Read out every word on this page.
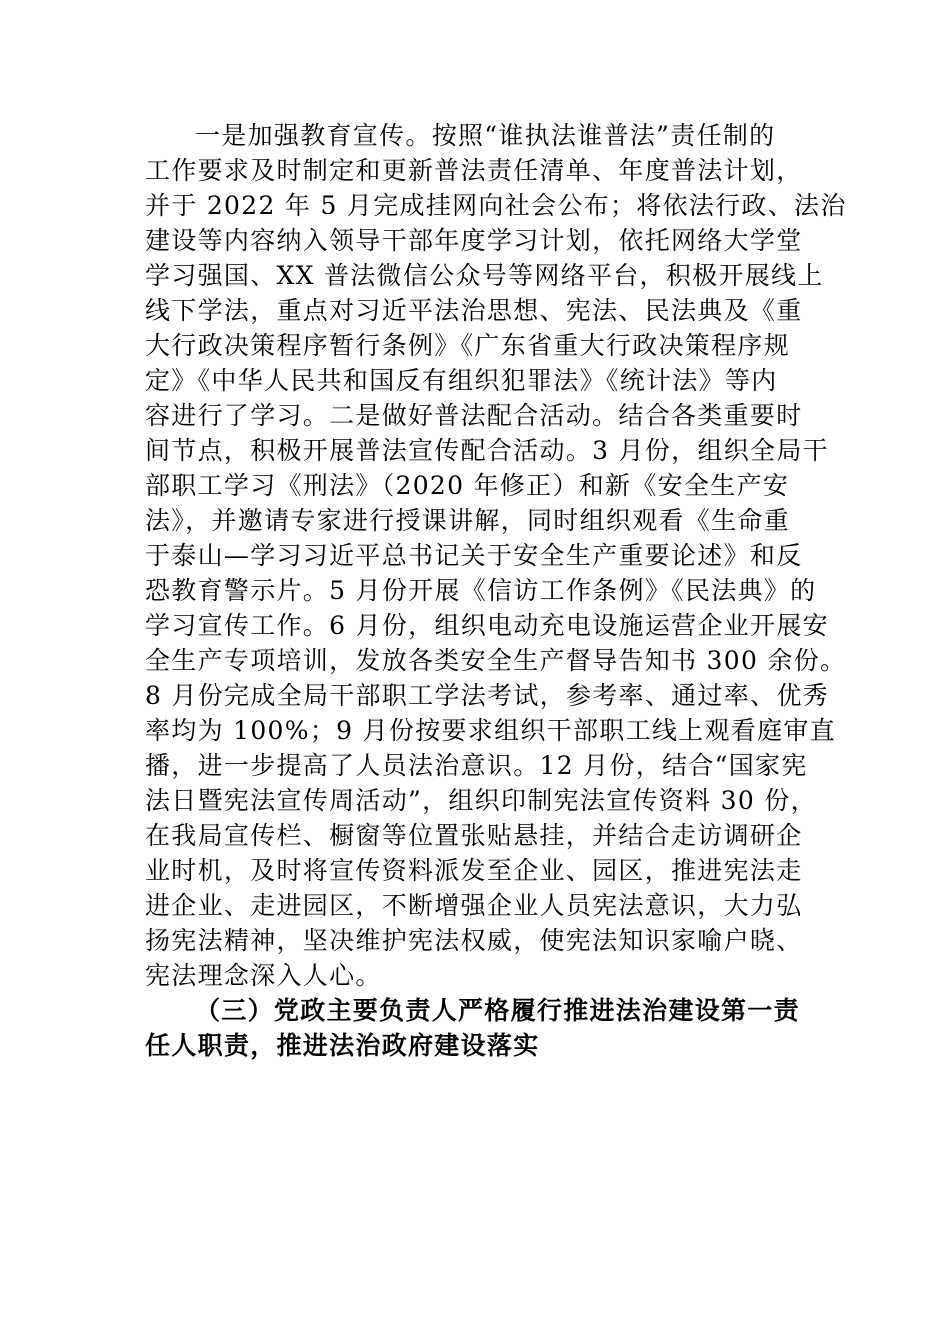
一是加强教育宣传。按照“谁执法谁普法”责任制的
工作要求及时制定和更新普法责任清单、年度普法计划，
并于 2022 年 5 月完成挂网向社会公布；将依法行政、法治
建设等内容纳入领导干部年度学习计划，依托网络大学堂
学习强国、XX 普法微信公众号等网络平台，积极开展线上
线下学法，重点对习近平法治思想、宪法、民法典及《重
大行政决策程序暂行条例》《广东省重大行政决策程序规
定》《中华人民共和国反有组织犯罪法》《统计法》等内
容进行了学习。二是做好普法配合活动。结合各类重要时
间节点，积极开展普法宣传配合活动。3 月份，组织全局干
部职工学习《刑法》（2020 年修正）和新《安全生产安
法》，并邀请专家进行授课讲解，同时组织观看《生命重
于泰山—学习习近平总书记关于安全生产重要论述》和反
恐教育警示片。5 月份开展《信访工作条例》《民法典》的
学习宣传工作。6 月份，组织电动充电设施运营企业开展安
全生产专项培训，发放各类安全生产督导告知书 300 余份。
8 月份完成全局干部职工学法考试，参考率、通过率、优秀
率均为 100%；9 月份按要求组织干部职工线上观看庭审直
播，进一步提高了人员法治意识。12 月份，结合“国家宪
法日暨宪法宣传周活动”，组织印制宪法宣传资料 30 份，
在我局宣传栏、橱窗等位置张贴悬挂，并结合走访调研企
业时机，及时将宣传资料派发至企业、园区，推进宪法走
进企业、走进园区，不断增强企业人员宪法意识，大力弘
扬宪法精神，坚决维护宪法权威，使宪法知识家喻户晓、
宪法理念深入人心。
（三）党政主要负责人严格履行推进法治建设第一责
任人职责，推进法治政府建设落实
